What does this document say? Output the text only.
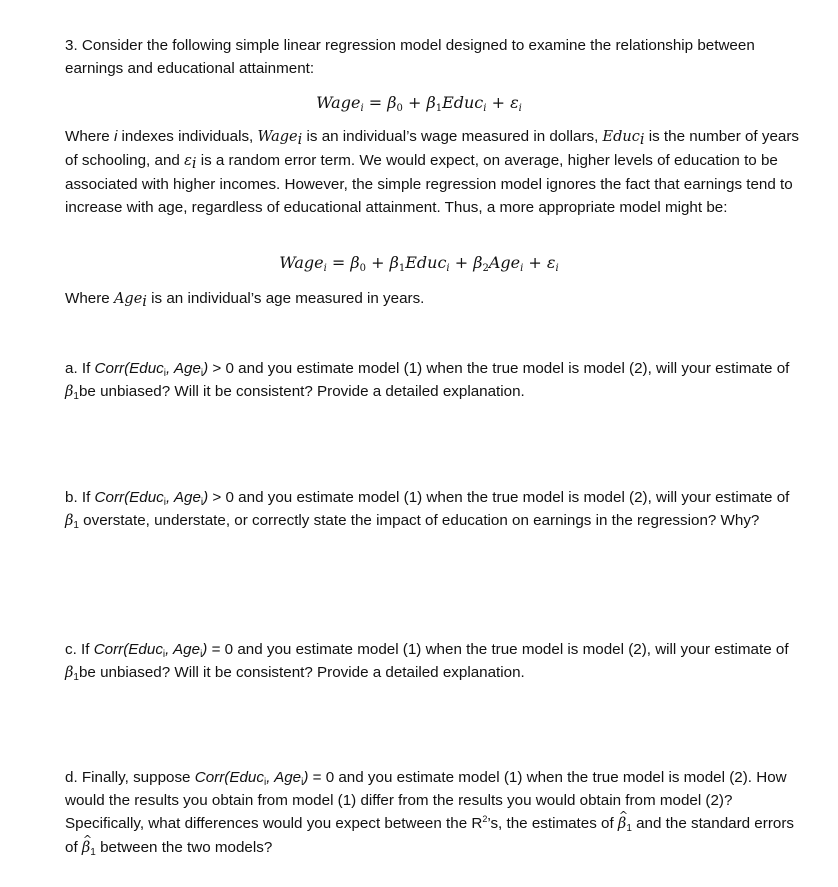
3. Consider the following simple linear regression model designed to examine the relationship between earnings and educational attainment:

Wage$_i$ = $\beta_0$ + $\beta_1Educ_i + \varepsilon_i$

Where i indexes individuals, Wage$_i$ is an individual’s wage measured in dollars, Educ$_i$ is the number of years of schooling, and $\varepsilon_i$ is a random error term. We would expect, on average, higher levels of education to be associated with higher incomes. However, the simple regression model ignores the fact that earnings tend to increase with age, regardless of educational attainment. Thus, a more appropriate model might be:

Wage$_i$ = $\beta_0$ + $\beta_1Educ_i + \beta_2Age_i + \varepsilon_i$

Where Age$_i$ is an individual’s age measured in years.

a. If Corr(Educ$_i$, Age$_i$) > 0 and you estimate model (1) when the true model is model (2), will your estimate of $\beta_1be$ unbiased? Will it be consistent? Provide a detailed explanation.

b. If Corr(Educ$_i$, Age$_i$) > 0 and you estimate model (1) when the true model is model (2), will your estimate of $\beta_1$ overstate, understate, or correctly state the impact of education on earnings in the regression? Why?

c. If Corr(Educ$_i$, Age$_i$) = 0 and you estimate model (1) when the true model is model (2), will your estimate of $\beta_1be$ unbiased? Will it be consistent? Provide a detailed explanation.

d. Finally, suppose Corr(Educ$_i$, Age$_i$) = 0 and you estimate model (1) when the true model is model (2). How would the results you obtain from model (1) differ from the results you would obtain from model (2)? Specifically, what differences would you expect between the $R^2’s$, the estimates of ^ $\beta_1$ and the standard errors of ^ $\beta_1$ between the two models?
